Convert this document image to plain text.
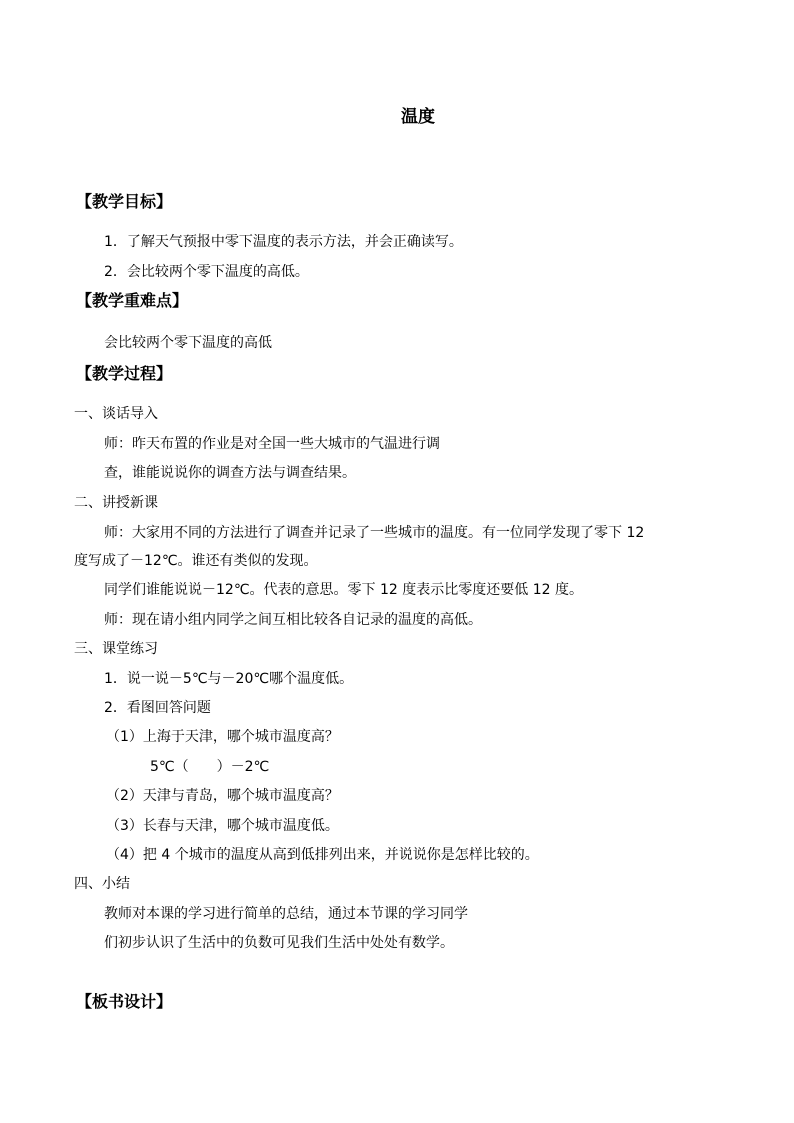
温度
【教学目标】
1．了解天气预报中零下温度的表示方法，并会正确读写。
2．会比较两个零下温度的高低。
【教学重难点】
会比较两个零下温度的高低
【教学过程】
一、谈话导入
师：昨天布置的作业是对全国一些大城市的气温进行调
查，谁能说说你的调查方法与调查结果。
二、讲授新课
师：大家用不同的方法进行了调查并记录了一些城市的温度。有一位同学发现了零下 12
度写成了－12℃。谁还有类似的发现。
同学们谁能说说－12℃。代表的意思。零下 12 度表示比零度还要低 12 度。
师：现在请小组内同学之间互相比较各自记录的温度的高低。
三、课堂练习
1．说一说－5℃与－20℃哪个温度低。
2．看图回答问题
（1）上海于天津，哪个城市温度高？
5℃（　　）－2℃
（2）天津与青岛，哪个城市温度高？
（3）长春与天津，哪个城市温度低。
（4）把 4 个城市的温度从高到低排列出来，并说说你是怎样比较的。
四、小结
教师对本课的学习进行简单的总结，通过本节课的学习同学
们初步认识了生活中的负数可见我们生活中处处有数学。
【板书设计】
